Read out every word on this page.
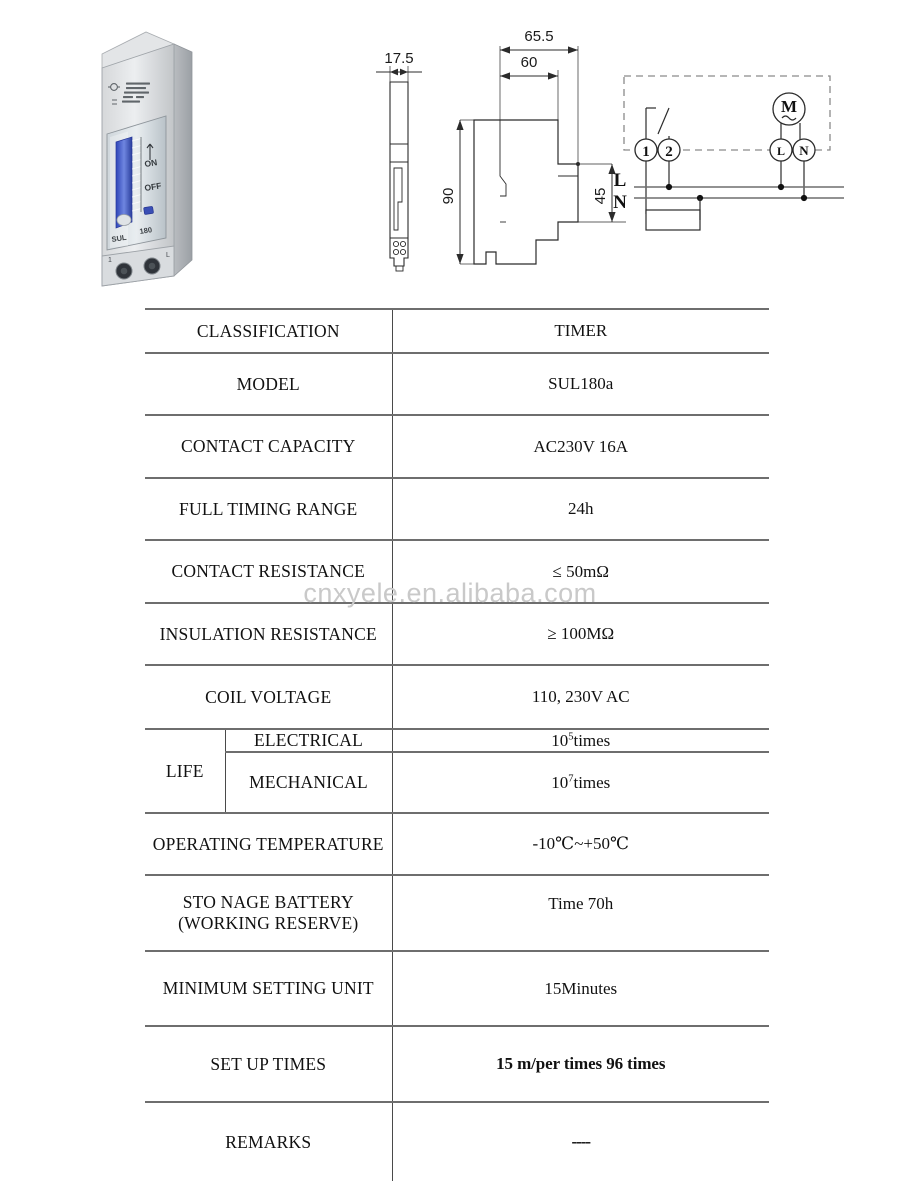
ON
OFF
SUL
180
1
L
17.5
65.5
60
90	45
1 2
M
L N
L
N
cnxyele.en.alibaba.com
CLASSIFICATION		TIMER
MODEL		SUL180a
CONTACT CAPACITY		AC230V 16A
FULL TIMING RANGE		24h
CONTACT RESISTANCE		≤ 50mΩ
INSULATION RESISTANCE		≥ 100MΩ
COIL VOLTAGE		110, 230V AC
LIFE	ELECTRICAL	$10^5times$
	MECHANICAL	$10^7times$
OPERATING TEMPERATURE		-10℃~+50℃

STO NAGE BATTERY
(WORKING RESERVE)		Time 70h
MINIMUM SETTING UNIT		15Minutes
SET UP TIMES		15 m/per times 96 times
REMARKS		----
